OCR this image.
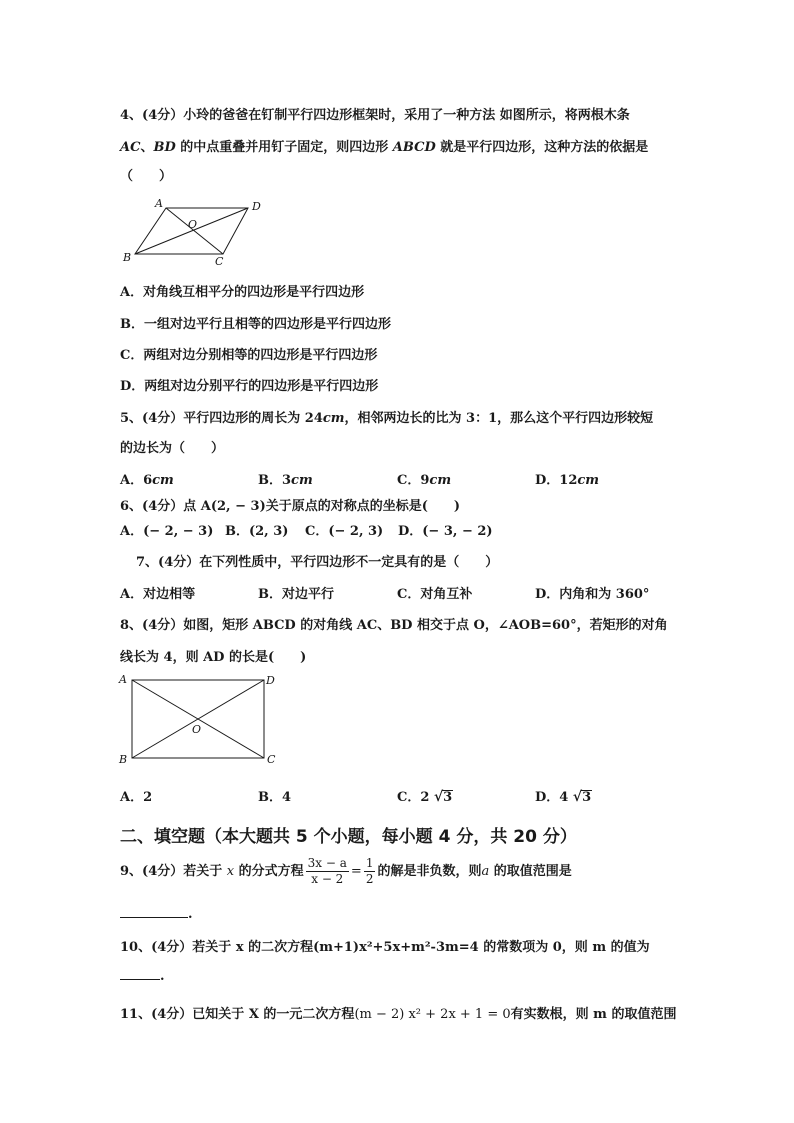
4、(4分）小玲的爸爸在钉制平行四边形框架时，采用了一种方法 如图所示，将两根木条
AC、BD 的中点重叠并用钉子固定，则四边形 ABCD 就是平行四边形，这种方法的依据是
（　　）
A	D
B	C
O
A．对角线互相平分的四边形是平行四边形
B．一组对边平行且相等的四边形是平行四边形
C．两组对边分别相等的四边形是平行四边形
D．两组对边分别平行的四边形是平行四边形
5、(4分）平行四边形的周长为 24cm，相邻两边长的比为 3：1，那么这个平行四边形较短
的边长为（　　）
A．6cm	B．3cm	C．9cm	D．12cm
6、(4分）点 A(2, − 3)关于原点的对称点的坐标是(　　)
A．(− 2, − 3) B．(2, 3) C．(− 2, 3) D．(− 3, − 2)
7、(4分）在下列性质中，平行四边形不一定具有的是（　　）
A．对边相等	B．对边平行	C．对角互补	D．内角和为 360°
8、(4分）如图，矩形 ABCD 的对角线 AC、BD 相交于点 O，∠AOB=60°，若矩形的对角
线长为 4，则 AD 的长是(　　)
A	D
B	C
O
A．2	B．4	C．2 √3	D．4 √3
二、填空题（本大题共 5 个小题，每小题 4 分，共 20 分）
9、(4分）若关于 x 的分式方程 $\frac{3x - a}{x - 2} = \frac{1}{2}$ 的解是非负数，则a 的取值范围是
.
10、(4分）若关于 x 的二次方程(m+1)x²+5x+m²-3m=4 的常数项为 0，则 m 的值为
.
11、(4分）已知关于 X 的一元二次方程(m − 2) x² + 2x + 1 = 0有实数根，则 m 的取值范围
